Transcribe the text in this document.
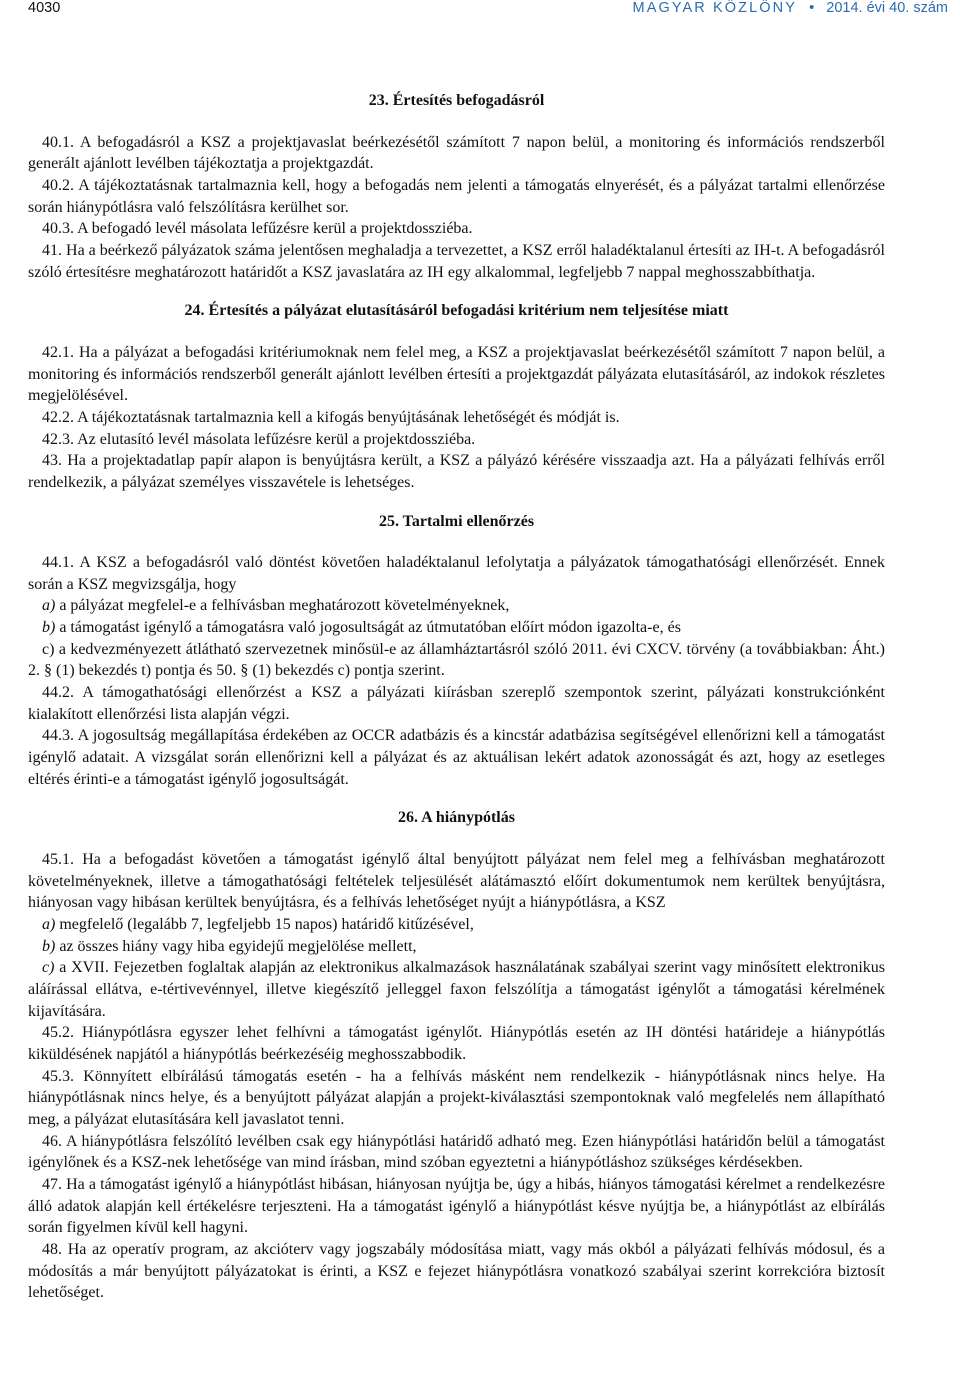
4030	MAGYAR KÖZLÖNY • 2014. évi 40. szám
23. Értesítés befogadásról

40.1. A befogadásról a KSZ a projektjavaslat beérkezésétől számított 7 napon belül, a monitoring és információs rendszerből generált ajánlott levélben tájékoztatja a projektgazdát.

40.2. A tájékoztatásnak tartalmaznia kell, hogy a befogadás nem jelenti a támogatás elnyerését, és a pályázat tartalmi ellenőrzése során hiánypótlásra való felszólításra kerülhet sor.

40.3. A befogadó levél másolata lefűzésre kerül a projektdossziéba.

41. Ha a beérkező pályázatok száma jelentősen meghaladja a tervezettet, a KSZ erről haladéktalanul értesíti az IH-t. A befogadásról szóló értesítésre meghatározott határidőt a KSZ javaslatára az IH egy alkalommal, legfeljebb 7 nappal meghosszabbíthatja.

24. Értesítés a pályázat elutasításáról befogadási kritérium nem teljesítése miatt

42.1. Ha a pályázat a befogadási kritériumoknak nem felel meg, a KSZ a projektjavaslat beérkezésétől számított 7 napon belül, a monitoring és információs rendszerből generált ajánlott levélben értesíti a projektgazdát pályázata elutasításáról, az indokok részletes megjelölésével.

42.2. A tájékoztatásnak tartalmaznia kell a kifogás benyújtásának lehetőségét és módját is.

42.3. Az elutasító levél másolata lefűzésre kerül a projektdossziéba.

43. Ha a projektadatlap papír alapon is benyújtásra került, a KSZ a pályázó kérésére visszaadja azt. Ha a pályázati felhívás erről rendelkezik, a pályázat személyes visszavétele is lehetséges.

25. Tartalmi ellenőrzés

44.1. A KSZ a befogadásról való döntést követően haladéktalanul lefolytatja a pályázatok támogathatósági ellenőrzését. Ennek során a KSZ megvizsgálja, hogy

a) a pályázat megfelel-e a felhívásban meghatározott követelményeknek,

b) a támogatást igénylő a támogatásra való jogosultságát az útmutatóban előírt módon igazolta-e, és

c) a kedvezményezett átlátható szervezetnek minősül-e az államháztartásról szóló 2011. évi CXCV. törvény (a továbbiakban: Áht.) 2. § (1) bekezdés t) pontja és 50. § (1) bekezdés c) pontja szerint.

44.2. A támogathatósági ellenőrzést a KSZ a pályázati kiírásban szereplő szempontok szerint, pályázati konstrukciónként kialakított ellenőrzési lista alapján végzi.

44.3. A jogosultság megállapítása érdekében az OCCR adatbázis és a kincstár adatbázisa segítségével ellenőrizni kell a támogatást igénylő adatait. A vizsgálat során ellenőrizni kell a pályázat és az aktuálisan lekért adatok azonosságát és azt, hogy az esetleges eltérés érinti-e a támogatást igénylő jogosultságát.

26. A hiánypótlás

45.1. Ha a befogadást követően a támogatást igénylő által benyújtott pályázat nem felel meg a felhívásban meghatározott követelményeknek, illetve a támogathatósági feltételek teljesülését alátámasztó előírt dokumentumok nem kerültek benyújtásra, hiányosan vagy hibásan kerültek benyújtásra, és a felhívás lehetőséget nyújt a hiánypótlásra, a KSZ

a) megfelelő (legalább 7, legfeljebb 15 napos) határidő kitűzésével,

b) az összes hiány vagy hiba egyidejű megjelölése mellett,

c) a XVII. Fejezetben foglaltak alapján az elektronikus alkalmazások használatának szabályai szerint vagy minősített elektronikus aláírással ellátva, e-tértivevénnyel, illetve kiegészítő jelleggel faxon felszólítja a támogatást igénylőt a támogatási kérelmének kijavítására.

45.2. Hiánypótlásra egyszer lehet felhívni a támogatást igénylőt. Hiánypótlás esetén az IH döntési határideje a hiánypótlás kiküldésének napjától a hiánypótlás beérkezéséig meghosszabbodik.

45.3. Könnyített elbírálású támogatás esetén - ha a felhívás másként nem rendelkezik - hiánypótlásnak nincs helye. Ha hiánypótlásnak nincs helye, és a benyújtott pályázat alapján a projekt-kiválasztási szempontoknak való megfelelés nem állapítható meg, a pályázat elutasítására kell javaslatot tenni.

46. A hiánypótlásra felszólító levélben csak egy hiánypótlási határidő adható meg. Ezen hiánypótlási határidőn belül a támogatást igénylőnek és a KSZ-nek lehetősége van mind írásban, mind szóban egyeztetni a hiánypótláshoz szükséges kérdésekben.

47. Ha a támogatást igénylő a hiánypótlást hibásan, hiányosan nyújtja be, úgy a hibás, hiányos támogatási kérelmet a rendelkezésre álló adatok alapján kell értékelésre terjeszteni. Ha a támogatást igénylő a hiánypótlást késve nyújtja be, a hiánypótlást az elbírálás során figyelmen kívül kell hagyni.

48. Ha az operatív program, az akcióterv vagy jogszabály módosítása miatt, vagy más okból a pályázati felhívás módosul, és a módosítás a már benyújtott pályázatokat is érinti, a KSZ e fejezet hiánypótlásra vonatkozó szabályai szerint korrekcióra biztosít lehetőséget.
